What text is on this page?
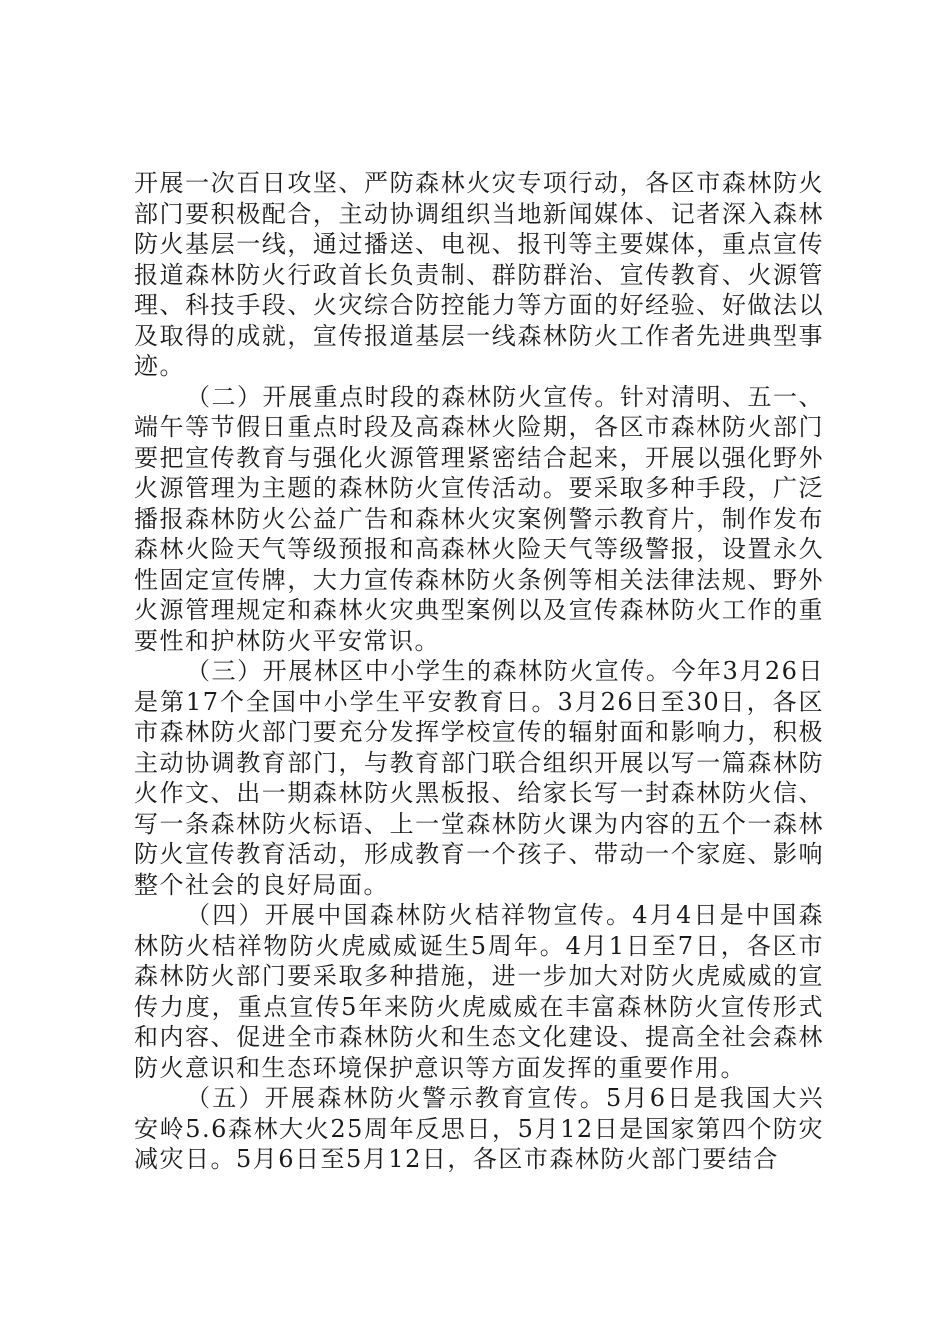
开展一次百日攻坚、严防森林火灾专项行动，各区市森林防火部门要积极配合，主动协调组织当地新闻媒体、记者深入森林防火基层一线，通过播送、电视、报刊等主要媒体，重点宣传报道森林防火行政首长负责制、群防群治、宣传教育、火源管理、科技手段、火灾综合防控能力等方面的好经验、好做法以及取得的成就，宣传报道基层一线森林防火工作者先进典型事迹。

（二）开展重点时段的森林防火宣传。针对清明、五一、端午等节假日重点时段及高森林火险期，各区市森林防火部门要把宣传教育与强化火源管理紧密结合起来，开展以强化野外火源管理为主题的森林防火宣传活动。要采取多种手段，广泛播报森林防火公益广告和森林火灾案例警示教育片，制作发布森林火险天气等级预报和高森林火险天气等级警报，设置永久性固定宣传牌，大力宣传森林防火条例等相关法律法规、野外火源管理规定和森林火灾典型案例以及宣传森林防火工作的重要性和护林防火平安常识。

（三）开展林区中小学生的森林防火宣传。今年3月26日是第17个全国中小学生平安教育日。3月26日至30日，各区市森林防火部门要充分发挥学校宣传的辐射面和影响力，积极主动协调教育部门，与教育部门联合组织开展以写一篇森林防火作文、出一期森林防火黑板报、给家长写一封森林防火信、写一条森林防火标语、上一堂森林防火课为内容的五个一森林防火宣传教育活动，形成教育一个孩子、带动一个家庭、影响整个社会的良好局面。

（四）开展中国森林防火桔祥物宣传。4月4日是中国森林防火桔祥物防火虎威威诞生5周年。4月1日至7日，各区市森林防火部门要采取多种措施，进一步加大对防火虎威威的宣传力度，重点宣传5年来防火虎威威在丰富森林防火宣传形式和内容、促进全市森林防火和生态文化建设、提高全社会森林防火意识和生态环境保护意识等方面发挥的重要作用。

（五）开展森林防火警示教育宣传。5月6日是我国大兴安岭5.6森林大火25周年反思日，5月12日是国家第四个防灾减灾日。5月6日至5月12日，各区市森林防火部门要结合
